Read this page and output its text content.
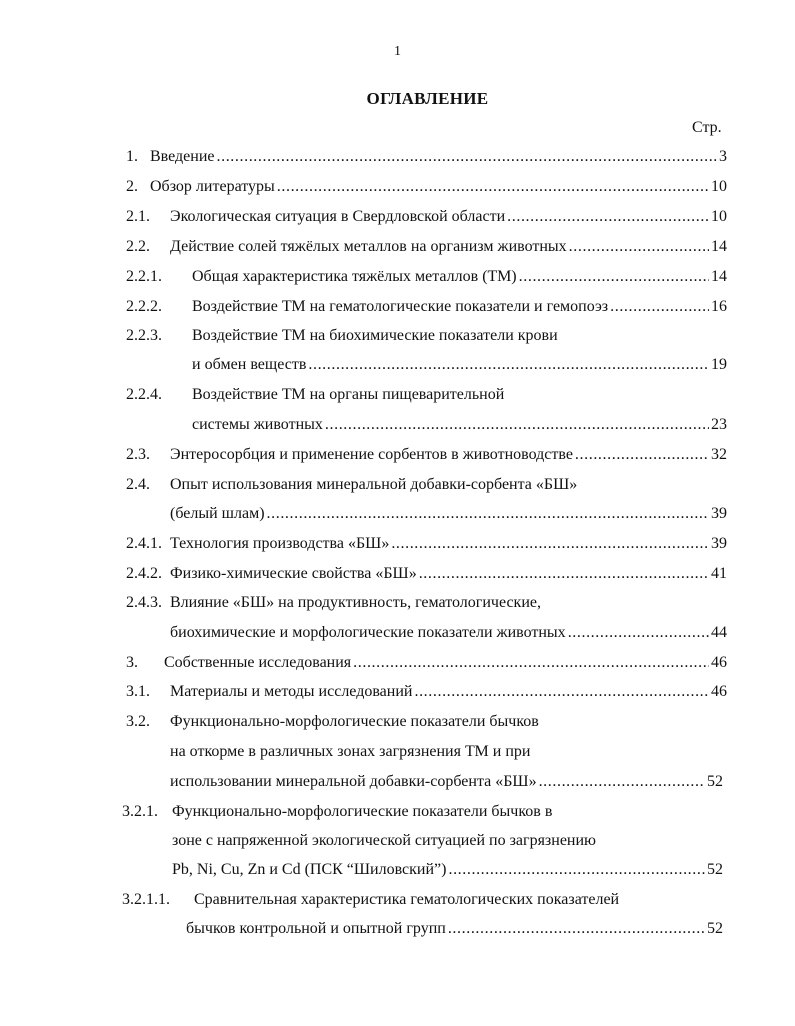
1
ОГЛАВЛЕНИЕ
Стр.
1. Введение .....	3
2. Обзор литературы .....	10
2.1.	Экологическая ситуация в Свердловской области .....	10
2.2.	Действие солей тяжёлых металлов на организм животных .....	14
2.2.1.	Общая характеристика тяжёлых металлов (ТМ) .....	14
2.2.2.	Воздействие ТМ на гематологические показатели и гемопоэз .....	16
2.2.3.	Воздействие ТМ на биохимические показатели крови
и обмен веществ .....	19
2.2.4.	Воздействие ТМ на органы пищеварительной
системы животных .....	23
2.3.	Энтеросорбция и применение сорбентов в животноводстве .....	32
2.4.	Опыт использования минеральной добавки-сорбента «БШ»
(белый шлам) .....	39
2.4.1. Технология производства «БШ» .....	39
2.4.2. Физико-химические свойства «БШ» .....	41
2.4.3. Влияние «БШ» на продуктивность, гематологические,
биохимические и морфологические показатели животных .....	44
3.	Собственные исследования .....	46
3.1.	Материалы и методы исследований .....	46
3.2.	Функционально-морфологические показатели бычков
на откорме в различных зонах загрязнения ТМ и при
использовании минеральной добавки-сорбента «БШ» .....	52
3.2.1. Функционально-морфологические показатели бычков в
зоне с напряженной экологической ситуацией по загрязнению
Pb, Ni, Cu, Zn и Cd (ПСК “Шиловский”) .....	52
3.2.1.1.	Сравнительная характеристика гематологических показателей
бычков контрольной и опытной групп .....	52
